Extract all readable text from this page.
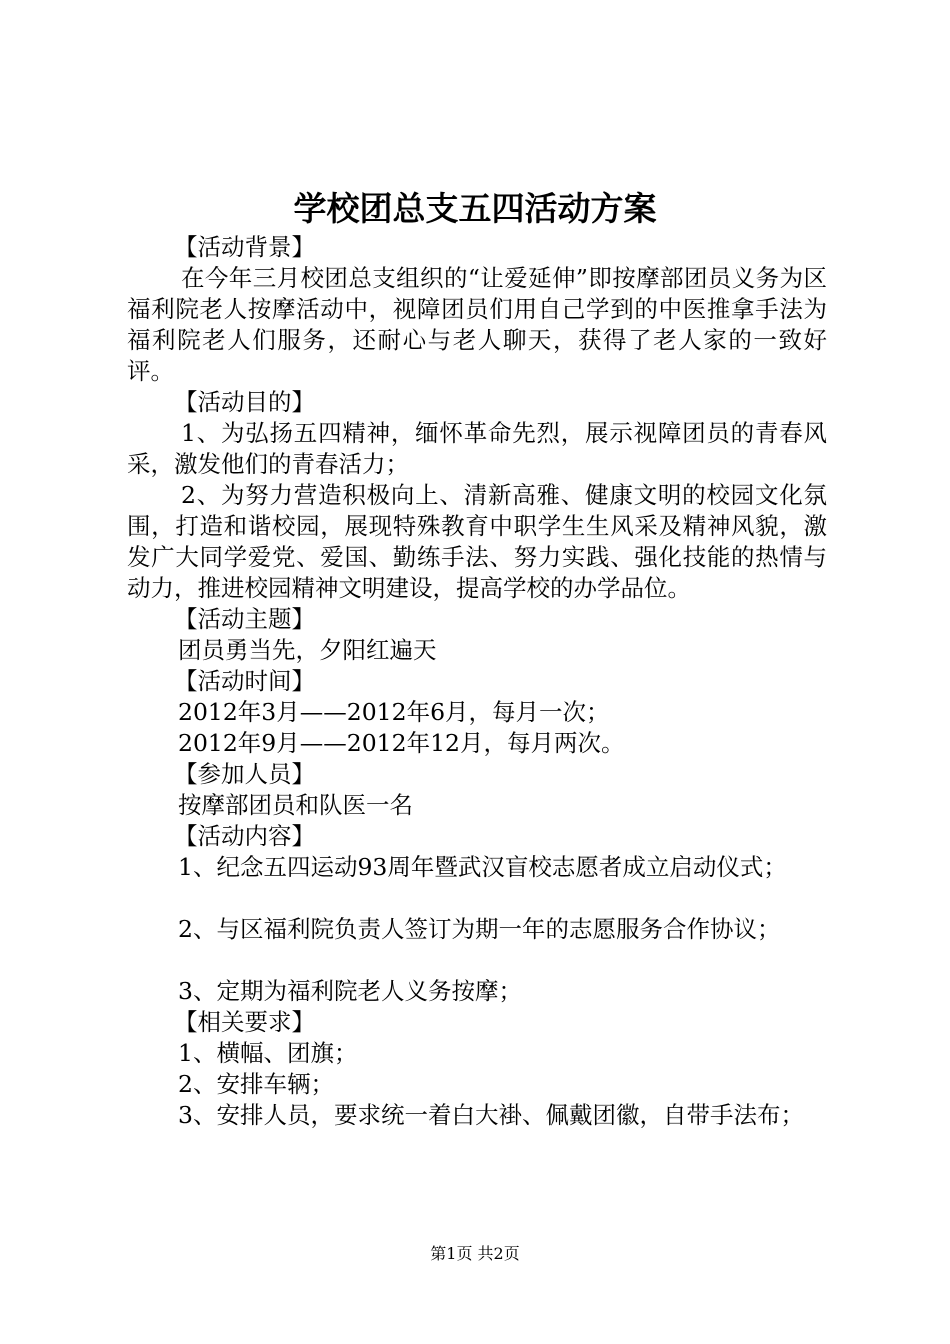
学校团总支五四活动方案
【活动背景】
在今年三月校团总支组织的“让爱延伸”即按摩部团员义务为区福利院老人按摩活动中，视障团员们用自己学到的中医推拿手法为福利院老人们服务，还耐心与老人聊天，获得了老人家的一致好评。
【活动目的】
1、为弘扬五四精神，缅怀革命先烈，展示视障团员的青春风采，激发他们的青春活力；
2、为努力营造积极向上、清新高雅、健康文明的校园文化氛围，打造和谐校园，展现特殊教育中职学生生风采及精神风貌，激发广大同学爱党、爱国、勤练手法、努力实践、强化技能的热情与动力，推进校园精神文明建设，提高学校的办学品位。
【活动主题】
团员勇当先，夕阳红遍天
【活动时间】
2012年3月——2012年6月，每月一次；
2012年9月——2012年12月，每月两次。
【参加人员】
按摩部团员和队医一名
【活动内容】
1、纪念五四运动93周年暨武汉盲校志愿者成立启动仪式；
2、与区福利院负责人签订为期一年的志愿服务合作协议；
3、定期为福利院老人义务按摩；
【相关要求】
1、横幅、团旗；
2、安排车辆；
3、安排人员，要求统一着白大褂、佩戴团徽，自带手法布；
第1页 共2页
